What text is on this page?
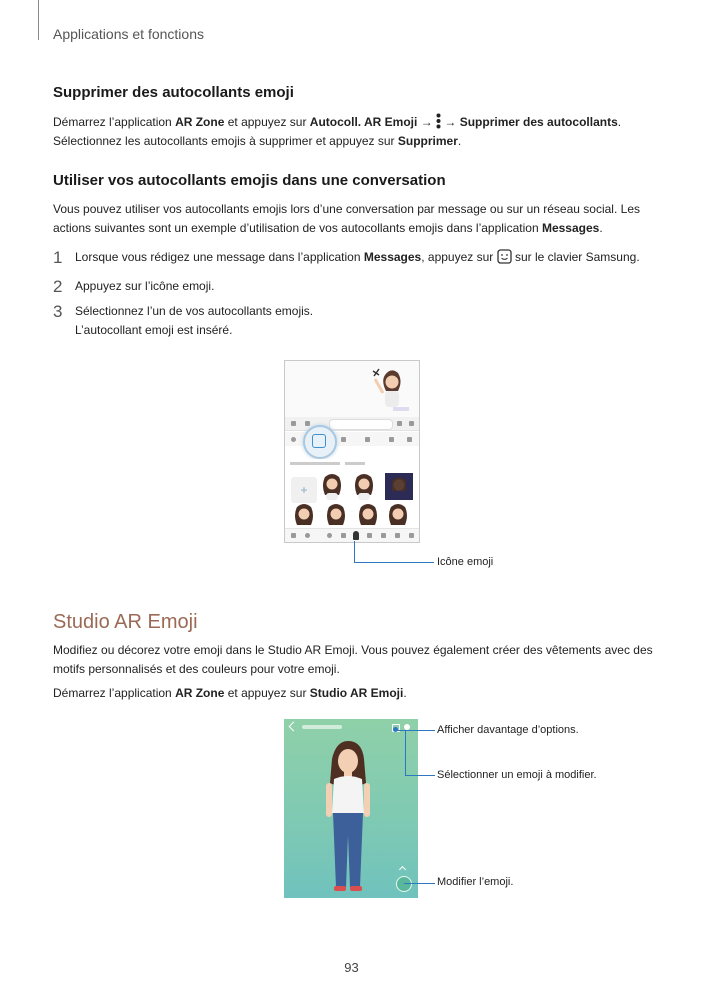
Applications et fonctions
Supprimer des autocollants emoji
Démarrez l’application AR Zone et appuyez sur Autocoll. AR Emoji →  → Supprimer des autocollants.
Sélectionnez les autocollants emojis à supprimer et appuyez sur Supprimer.
Utiliser vos autocollants emojis dans une conversation
Vous pouvez utiliser vos autocollants emojis lors d’une conversation par message ou sur un réseau social. Les actions suivantes sont un exemple d’utilisation de vos autocollants emojis dans l’application Messages.
1 Lorsque vous rédigez une message dans l’application Messages, appuyez sur  sur le clavier Samsung.
2 Appuyez sur l’icône emoji.
3 Sélectionnez l’un de vos autocollants emojis.
L’autocollant emoji est inséré.
+
Icône emoji
Studio AR Emoji
Modifiez ou décorez votre emoji dans le Studio AR Emoji. Vous pouvez également créer des vêtements avec des motifs personnalisés et des couleurs pour votre emoji.
Démarrez l’application AR Zone et appuyez sur Studio AR Emoji.
Afficher davantage d’options.
Sélectionner un emoji à modifier.
Modifier l’emoji.
93
